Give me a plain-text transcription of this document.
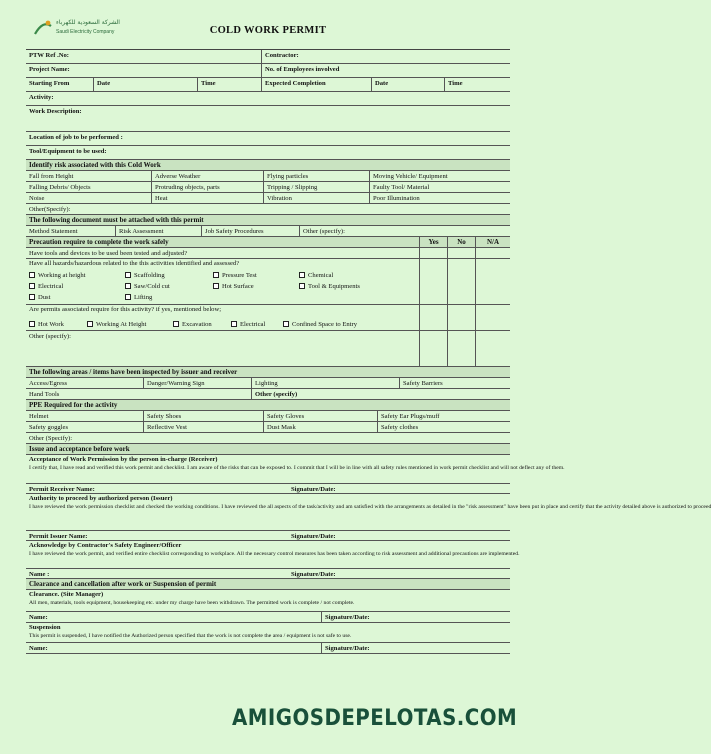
الشركة السعودية للكهرباء
Saudi Electricity Company	COLD WORK PERMIT
PTW Ref .No:	Contractor:
Project Name:	No. of Employees involved
Starting From	Date	Time	Expected Completion	Date	Time
Activity:
Work Description:
Location of job to be performed :
Tool/Equipment to be used:
Identify risk associated with this Cold Work
Fall from Height	Adverse Weather	Flying particles	Moving Vehicle/ Equipment
Falling Debris/ Objects	Protruding objects, parts	Tripping / Slipping	Faulty Tool/ Material
Noise	Heat	Vibration	Poor Illumination
Other(Specify):
The following document must be attached with this permit
Method Statement	Risk Assessment	Job Safety Procedures	Other (specify):
Precaution require to complete the work safely	Yes	No	N/A
Have tools and devices to be used been tested and adjusted?
Have all hazards/hazardous related to the this activities identified and assessed?
Working at height	Scaffolding	Pressure Test	Chemical
Electrical	Saw/Cold cut	Hot Surface	Tool & Equipments
Dust	Lifting
Are permits associated require for this activity? if yes, mentioned below;
Hot Work	Working At Height	Excavation	Electrical	Confined Space to Entry
Other (specify):
The following areas / items have been inspected by issuer and receiver
Access/Egress	Danger/Warning Sign	Lighting	Safety Barriers
Hand Tools	Other (specify)
PPE Required for the activity
Helmet	Safety Shoes	Safety Gloves	Safety Ear Plugs/muff
Safety goggles	Reflective Vest	Dust Mask	Safety clothes
Other (Specify):
Issue and acceptance before work
Acceptance of Work Permission by the person in-charge (Receiver)
I certify that, I have read and verified this work permit and checklist. I am aware of the risks that can be exposed to. I commit that I will be in line with all safety rules mentioned in work permit checklist and will not deflect any of them.
Permit Receiver Name:	Signature/Date:
Authority to proceed by authorized person (Issuer)
I have reviewed the work permission checklist and checked the working conditions. I have reviewed the all aspects of the task/activity and am satisfied with the arrangements as detailed in the "risk assessment" have been put in place and certify that the activity detailed above is authorized to proceed
Permit Issuer Name:	Signature/Date:
Acknowledge by Contractor's Safety Engineer/Officer
I have reviewed the work permit, and verified entire checklist corresponding to workplace. All the necessary control measures has been taken according to risk assessment and additional precautions are implemented.
Name :	Signature/Date:
Clearance and cancellation after work or Suspension of permit
Clearance. (Site Manager)
All men, materials, tools equipment, housekeeping etc. under my charge have been withdrawn. The permitted work is complete / not complete.
Name:	Signature/Date:
Suspension
This permit is suspended, I have notified the Authorized person specified that the work is not complete the area / equipment is not safe to use.
Name:	Signature/Date:
AMIGOSDEPELOTAS.COM
